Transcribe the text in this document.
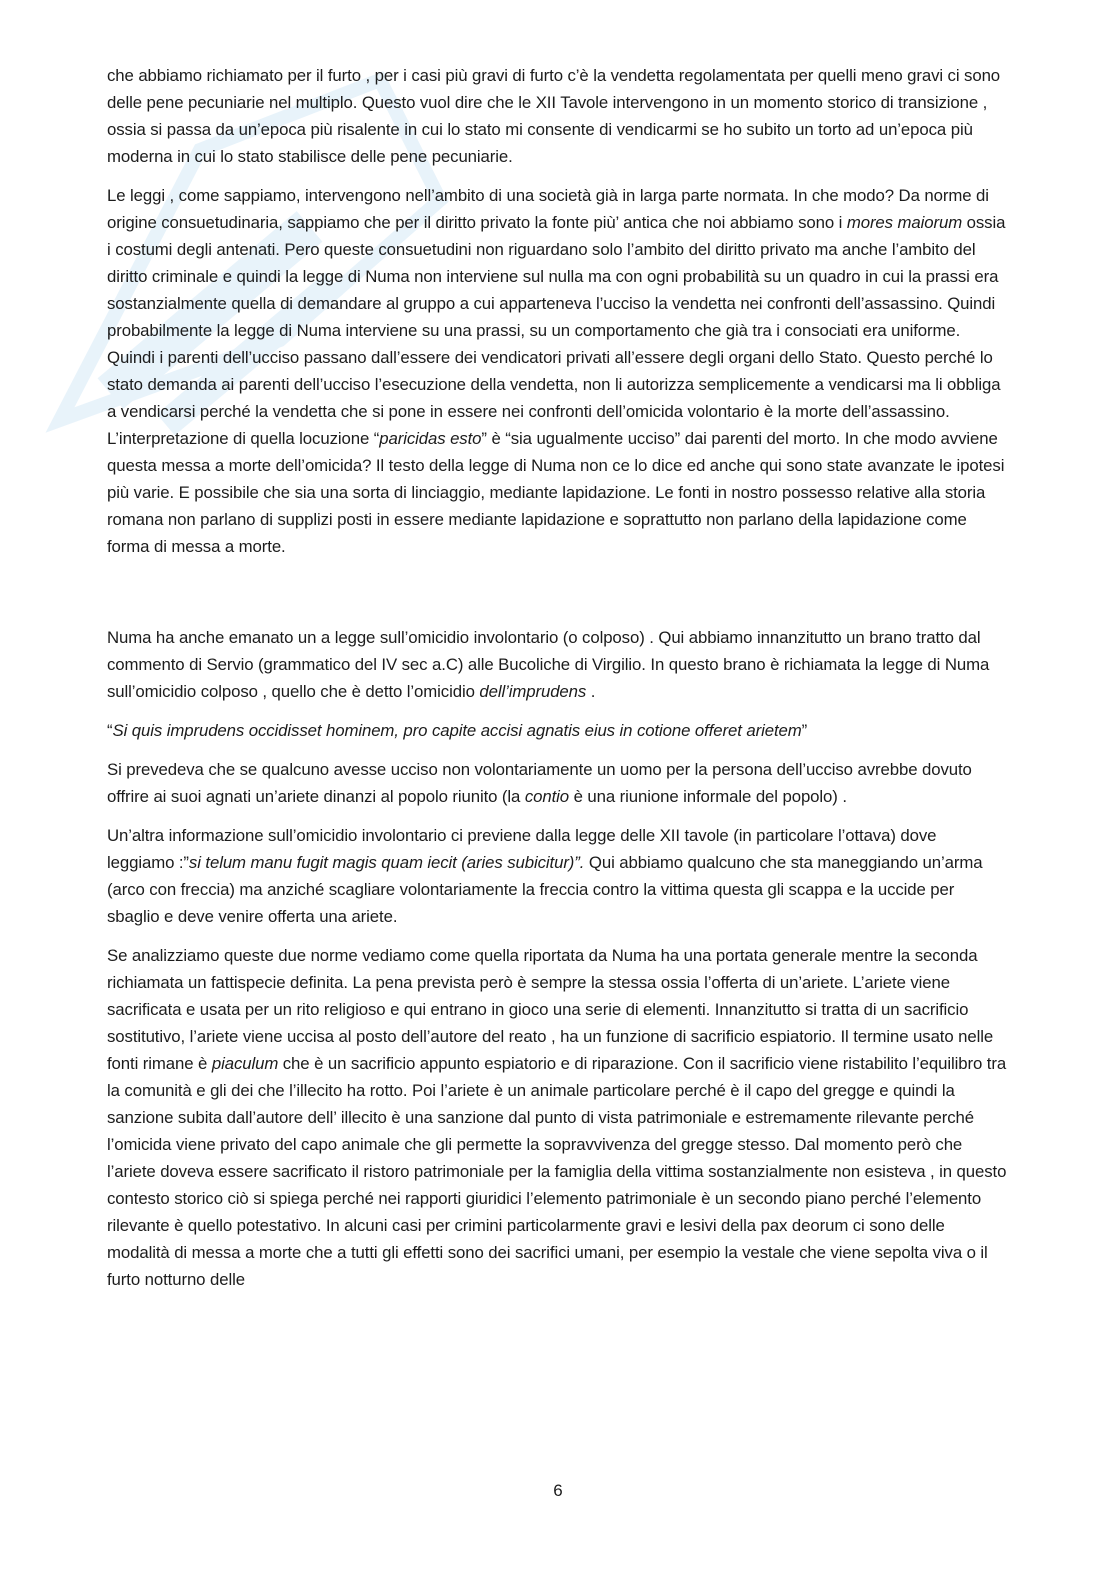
che abbiamo richiamato per il furto , per i casi più gravi di furto c’è la vendetta regolamentata per quelli meno gravi ci sono delle pene pecuniarie nel multiplo. Questo vuol dire che le XII Tavole intervengono in un momento storico di transizione , ossia si passa da un’epoca più risalente in cui lo stato mi consente di vendicarmi se ho subito un torto ad un’epoca più moderna in cui lo stato stabilisce delle pene pecuniarie.

Le leggi , come sappiamo, intervengono nell’ambito di una società già in larga parte normata. In che modo? Da norme di origine consuetudinaria, sappiamo che per il diritto privato la fonte più’ antica che noi abbiamo sono i mores maiorum ossia i costumi degli antenati. Pero queste consuetudini non riguardano solo l’ambito del diritto privato ma anche l’ambito del diritto criminale e quindi la legge di Numa non interviene sul nulla ma con ogni probabilità su un quadro in cui la prassi era sostanzialmente quella di demandare al gruppo a cui apparteneva l’ucciso la vendetta nei confronti dell’assassino. Quindi probabilmente la legge di Numa interviene su una prassi, su un comportamento che già tra i consociati era uniforme. Quindi i parenti dell’ucciso passano dall’essere dei vendicatori privati all’essere degli organi dello Stato. Questo perché lo stato demanda ai parenti dell’ucciso l’esecuzione della vendetta, non li autorizza semplicemente a vendicarsi ma li obbliga a vendicarsi perché la vendetta che si pone in essere nei confronti dell’omicida volontario è la morte dell’assassino. L’interpretazione di quella locuzione “paricidas esto” è “sia ugualmente ucciso” dai parenti del morto. In che modo avviene questa messa a morte dell’omicida? Il testo della legge di Numa non ce lo dice ed anche qui sono state avanzate le ipotesi più varie. E possibile che sia una sorta di linciaggio, mediante lapidazione. Le fonti in nostro possesso relative alla storia romana non parlano di supplizi posti in essere mediante lapidazione e soprattutto non parlano della lapidazione come forma di messa a morte.

Numa ha anche emanato un a legge sull’omicidio involontario (o colposo) . Qui abbiamo innanzitutto un brano tratto dal commento di Servio (grammatico del IV sec a.C) alle Bucoliche di Virgilio. In questo brano è richiamata la legge di Numa sull’omicidio colposo , quello che è detto l’omicidio dell’imprudens .

“Si quis imprudens occidisset hominem, pro capite accisi agnatis eius in cotione offeret arietem”

Si prevedeva che se qualcuno avesse ucciso non volontariamente un uomo per la persona dell’ucciso avrebbe dovuto offrire ai suoi agnati un’ariete dinanzi al popolo riunito (la contio è una riunione informale del popolo) .

Un’altra informazione sull’omicidio involontario ci previene dalla legge delle XII tavole (in particolare l’ottava) dove leggiamo :”si telum manu fugit magis quam iecit (aries subicitur)”. Qui abbiamo qualcuno che sta maneggiando un’arma (arco con freccia) ma anziché scagliare volontariamente la freccia contro la vittima questa gli scappa e la uccide per sbaglio e deve venire offerta una ariete.

Se analizziamo queste due norme vediamo come quella riportata da Numa ha una portata generale mentre la seconda richiamata un fattispecie definita. La pena prevista però è sempre la stessa ossia l’offerta di un’ariete. L’ariete viene sacrificata e usata per un rito religioso e qui entrano in gioco una serie di elementi. Innanzitutto si tratta di un sacrificio sostitutivo, l’ariete viene uccisa al posto dell’autore del reato , ha un funzione di sacrificio espiatorio. Il termine usato nelle fonti rimane è piaculum che è un sacrificio appunto espiatorio e di riparazione. Con il sacrificio viene ristabilito l’equilibro tra la comunità e gli dei che l’illecito ha rotto. Poi l’ariete è un animale particolare perché è il capo del gregge e quindi la sanzione subita dall’autore dell’ illecito è una sanzione dal punto di vista patrimoniale e estremamente rilevante perché l’omicida viene privato del capo animale che gli permette la sopravvivenza del gregge stesso. Dal momento però che l’ariete doveva essere sacrificato il ristoro patrimoniale per la famiglia della vittima sostanzialmente non esisteva , in questo contesto storico ciò si spiega perché nei rapporti giuridici l’elemento patrimoniale è un secondo piano perché l’elemento rilevante è quello potestativo. In alcuni casi per crimini particolarmente gravi e lesivi della pax deorum ci sono delle modalità di messa a morte che a tutti gli effetti sono dei sacrifici umani, per esempio la vestale che viene sepolta viva o il furto notturno delle

6
